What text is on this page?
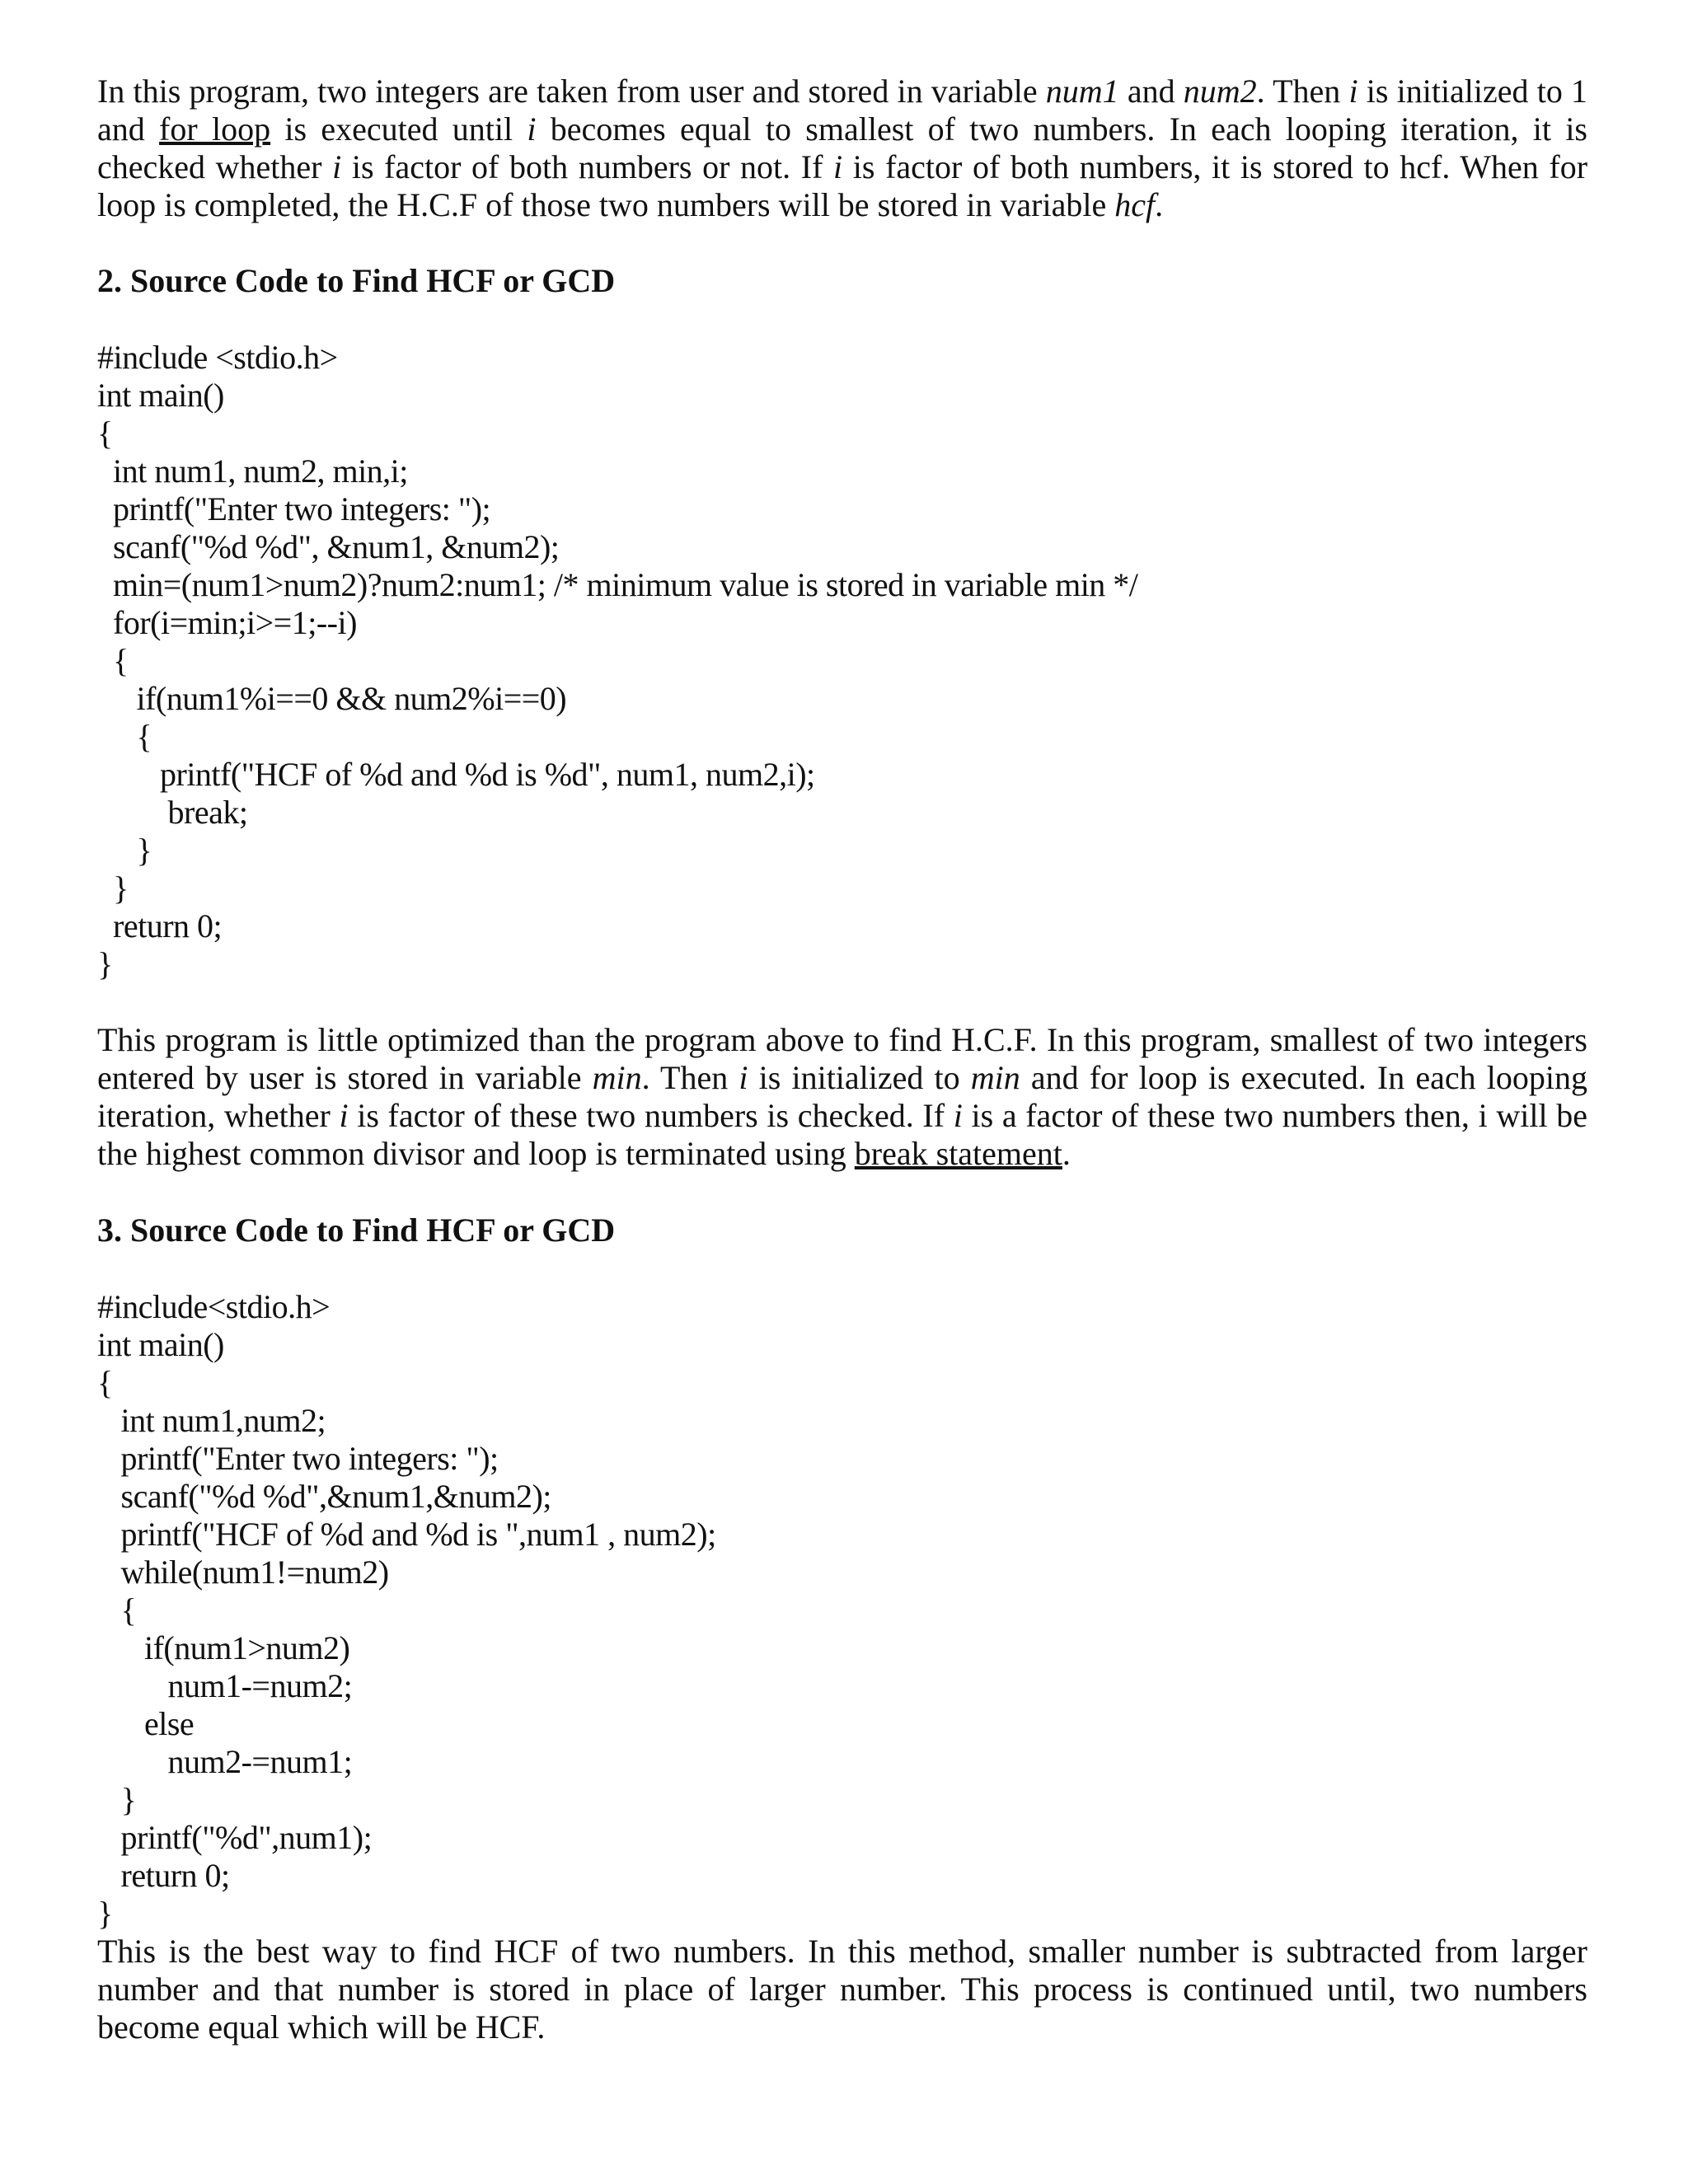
In this program, two integers are taken from user and stored in variable num1 and num2. Then i is initialized to 1 and for loop is executed until i becomes equal to smallest of two numbers. In each looping iteration, it is checked whether i is factor of both numbers or not. If i is factor of both numbers, it is stored to hcf. When for loop is completed, the H.C.F of those two numbers will be stored in variable hcf.

2. Source Code to Find HCF or GCD

#include <stdio.h>
int main()
{
int num1, num2, min,i;
printf("Enter two integers: ");
scanf("%d %d", &num1, &num2);
min=(num1>num2)?num2:num1; /* minimum value is stored in variable min */
for(i=min;i>=1;--i)
{
if(num1%i==0 && num2%i==0)
{
printf("HCF of %d and %d is %d", num1, num2,i);
break;
}
}
return 0;
}

This program is little optimized than the program above to find H.C.F. In this program, smallest of two integers entered by user is stored in variable min. Then i is initialized to min and for loop is executed. In each looping iteration, whether i is factor of these two numbers is checked. If i is a factor of these two numbers then, i will be the highest common divisor and loop is terminated using break statement.

3. Source Code to Find HCF or GCD

#include<stdio.h>
int main()
{
int num1,num2;
printf("Enter two integers: ");
scanf("%d %d",&num1,&num2);
printf("HCF of %d and %d is ",num1 , num2);
while(num1!=num2)
{
if(num1>num2)
num1-=num2;
else
num2-=num1;
}
printf("%d",num1);
return 0;
}

This is the best way to find HCF of two numbers. In this method, smaller number is subtracted from larger number and that number is stored in place of larger number. This process is continued until, two numbers become equal which will be HCF.
